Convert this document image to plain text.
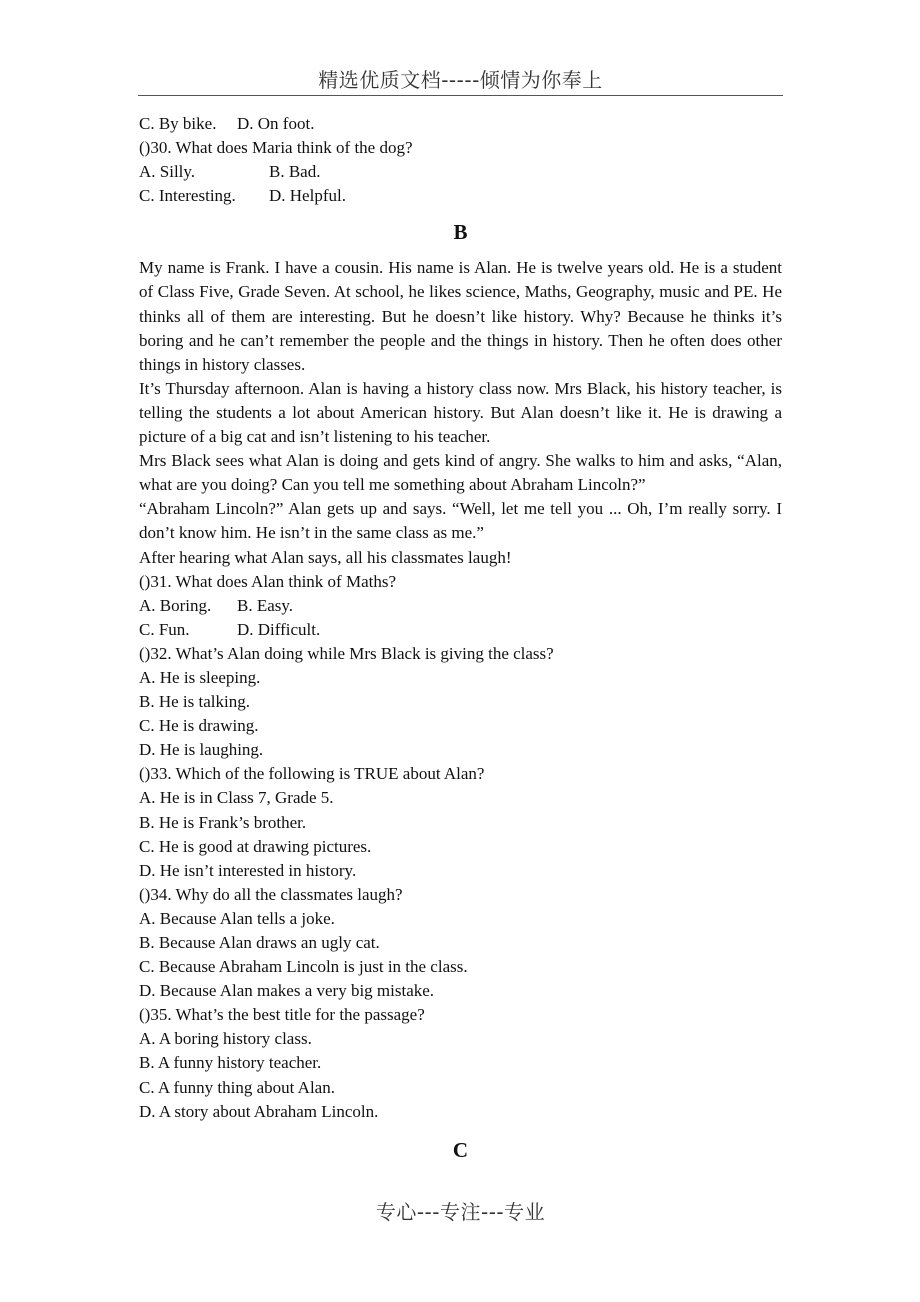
精选优质文档-----倾情为你奉上
C. By bike. D. On foot.
()30. What does Maria think of the dog?
A. Silly.	B. Bad.
C. Interesting. D. Helpful.
B
My name is Frank. I have a cousin. His name is Alan. He is twelve years old. He is a student of Class Five, Grade Seven. At school, he likes science, Maths, Geography, music and PE. He thinks all of them are interesting. But he doesn’t like history. Why? Because he thinks it’s boring and he can’t remember the people and the things in history. Then he often does other things in history classes.
It’s Thursday afternoon. Alan is having a history class now. Mrs Black, his history teacher, is telling the students a lot about American history. But Alan doesn’t like it. He is drawing a picture of a big cat and isn’t listening to his teacher.
Mrs Black sees what Alan is doing and gets kind of angry. She walks to him and asks, “Alan, what are you doing? Can you tell me something about Abraham Lincoln?”
“Abraham Lincoln?” Alan gets up and says. “Well, let me tell you ... Oh, I’m really sorry. I don’t know him. He isn’t in the same class as me.”
After hearing what Alan says, all his classmates laugh!
()31. What does Alan think of Maths?
A. Boring. B. Easy.
C. Fun.	D. Difficult.
()32. What’s Alan doing while Mrs Black is giving the class?
A. He is sleeping.
B. He is talking.
C. He is drawing.
D. He is laughing.
()33. Which of the following is TRUE about Alan?
A. He is in Class 7, Grade 5.
B. He is Frank’s brother.
C. He is good at drawing pictures.
D. He isn’t interested in history.
()34. Why do all the classmates laugh?
A. Because Alan tells a joke.
B. Because Alan draws an ugly cat.
C. Because Abraham Lincoln is just in the class.
D. Because Alan makes a very big mistake.
()35. What’s the best title for the passage?
A. A boring history class.
B. A funny history teacher.
C. A funny thing about Alan.
D. A story about Abraham Lincoln.
C
专心---专注---专业
